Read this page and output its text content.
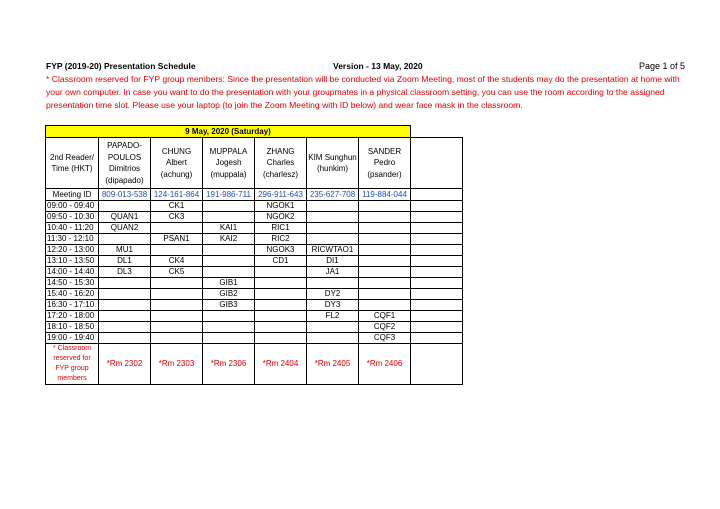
FYP (2019-20) Presentation Schedule	Version - 13 May, 2020	Page 1 of 5
* Classroom reserved for FYP group members: Since the presentation will be conducted via Zoom Meeting, most of the students may do the presentation at home with your own computer. In case you want to do the presentation with your groupmates in a physical classroom setting, you can use the room according to the assigned presentation time slot. Please use your laptop (to join the Zoom Meeting with ID below) and wear face mask in the classroom.
9 May, 2020 (Saturday)							
2nd Reader/ Time (HKT)	PAPADO-POULOS Dimitrios (dipapado)	CHUNG Albert (achung)	MUPPALA Jogesh (muppala)	ZHANG Charles (charlesz)	KIM Sunghun (hunkim)	SANDER Pedro (psander)	
Meeting ID	809-013-538	124-161-864	191-986-711	296-911-643	235-627-708	119-884-044	
09:00 - 09:40		CK1		NGOK1			
09:50 - 10:30	QUAN1	CK3		NGOK2			
10:40 - 11:20	QUAN2		KAI1	RIC1			
11:30 - 12:10		PSAN1	KAI2	RIC2			
12:20 - 13:00	MU1			NGOK3	RICWTAO1		
13:10 - 13:50	DL1	CK4		CD1	DI1		
14:00 - 14:40	DL3	CK5			JA1		
14:50 - 15:30			GIB1				
15:40 - 16:20			GIB2		DY2		
16:30 - 17:10			GIB3		DY3		
17:20 - 18:00					FL2	CQF1	
18:10 - 18:50						CQF2	
19:00 - 19:40						CQF3	
* Classroom reserved for FYP group members	*Rm 2302	*Rm 2303	*Rm 2306	*Rm 2404	*Rm 2405	*Rm 2406	
